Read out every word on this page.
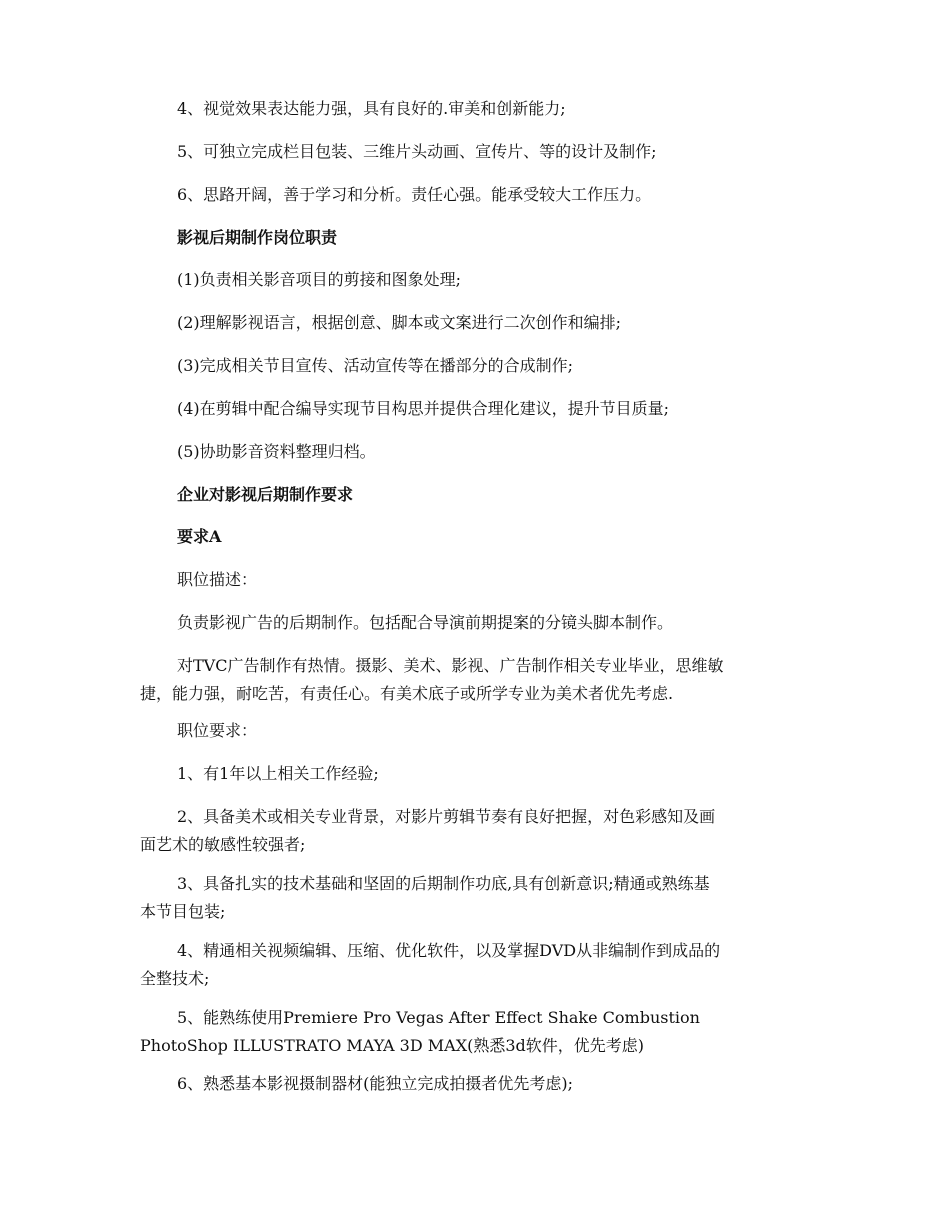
4、视觉效果表达能力强，具有良好的.审美和创新能力;
5、可独立完成栏目包装、三维片头动画、宣传片、等的设计及制作;
6、思路开阔，善于学习和分析。责任心强。能承受较大工作压力。
影视后期制作岗位职责
(1)负责相关影音项目的剪接和图象处理;
(2)理解影视语言，根据创意、脚本或文案进行二次创作和编排;
(3)完成相关节目宣传、活动宣传等在播部分的合成制作;
(4)在剪辑中配合编导实现节目构思并提供合理化建议，提升节目质量;
(5)协助影音资料整理归档。
企业对影视后期制作要求
要求A
职位描述：
负责影视广告的后期制作。包括配合导演前期提案的分镜头脚本制作。
对TVC广告制作有热情。摄影、美术、影视、广告制作相关专业毕业，思维敏
捷，能力强，耐吃苦，有责任心。有美术底子或所学专业为美术者优先考虑.
职位要求：
1、有1年以上相关工作经验;
2、具备美术或相关专业背景，对影片剪辑节奏有良好把握，对色彩感知及画
面艺术的敏感性较强者;
3、具备扎实的技术基础和坚固的后期制作功底,具有创新意识;精通或熟练基
本节目包装;
4、精通相关视频编辑、压缩、优化软件，以及掌握DVD从非编制作到成品的
全整技术;
5、能熟练使用Premiere Pro Vegas After Effect Shake Combustion
PhotoShop ILLUSTRATO MAYA 3D MAX(熟悉3d软件，优先考虑)
6、熟悉基本影视摄制器材(能独立完成拍摄者优先考虑);
